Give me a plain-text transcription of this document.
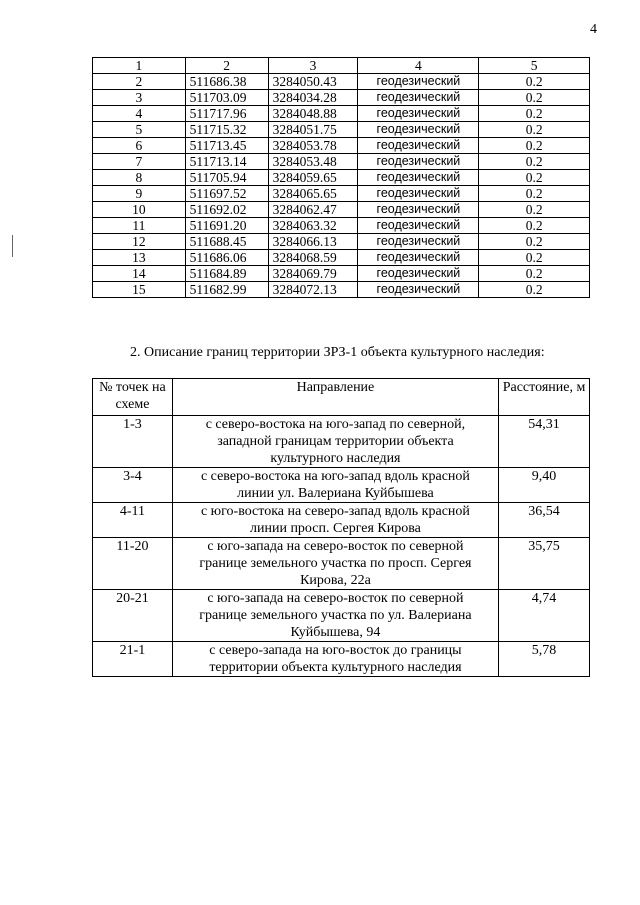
4
1	2	3	4	5
2	511686.38	3284050.43	геодезический	0.2
3	511703.09	3284034.28	геодезический	0.2
4	511717.96	3284048.88	геодезический	0.2
5	511715.32	3284051.75	геодезический	0.2
6	511713.45	3284053.78	геодезический	0.2
7	511713.14	3284053.48	геодезический	0.2
8	511705.94	3284059.65	геодезический	0.2
9	511697.52	3284065.65	геодезический	0.2
10	511692.02	3284062.47	геодезический	0.2
11	511691.20	3284063.32	геодезический	0.2
12	511688.45	3284066.13	геодезический	0.2
13	511686.06	3284068.59	геодезический	0.2
14	511684.89	3284069.79	геодезический	0.2
15	511682.99	3284072.13	геодезический	0.2
2. Описание границ территории ЗРЗ-1 объекта культурного наследия:
№ точек на схеме	Направление	Расстояние, м
1-3	с северо-востока на юго-запад по северной, западной границам территории объекта культурного наследия	54,31
3-4	с северо-востока на юго-запад вдоль красной линии ул. Валериана Куйбышева	9,40
4-11	с юго-востока на северо-запад вдоль красной линии просп. Сергея Кирова	36,54
11-20	с юго-запада на северо-восток по северной границе земельного участка по просп. Сергея Кирова, 22а	35,75
20-21	с юго-запада на северо-восток по северной границе земельного участка по ул. Валериана Куйбышева, 94	4,74
21-1	с северо-запада на юго-восток до границы территории объекта культурного наследия	5,78
